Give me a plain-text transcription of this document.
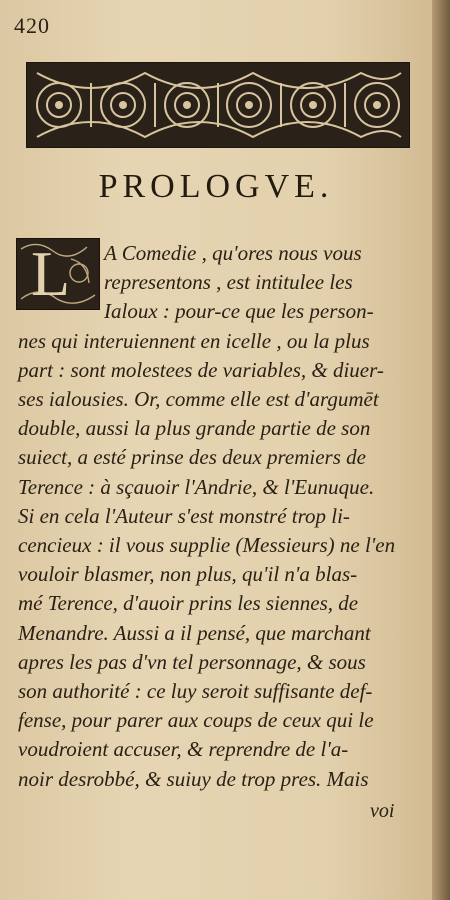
420
PROLOGVE.
L A Comedie , qu'ores nous vous
representons , est intitulee les
Ialoux : pour-ce que les person-
nes qui interuiennent en icelle , ou la plus
part : sont molestees de variables, & diuer-
ses ialousies. Or, comme elle est d'argumēt
double, aussi la plus grande partie de son
suiect, a esté prinse des deux premiers de
Terence : à sçauoir l'Andrie, & l'Eunuque.
Si en cela l'Auteur s'est monstré trop li-
cencieux : il vous supplie (Messieurs) ne l'en
vouloir blasmer, non plus, qu'il n'a blas-
mé Terence, d'auoir prins les siennes, de
Menandre. Aussi a il pensé, que marchant
apres les pas d'vn tel personnage, & sous
son authorité : ce luy seroit suffisante def-
fense, pour parer aux coups de ceux qui le
voudroient accuser, & reprendre de l'a-
noir desrobbé, & suiuy de trop pres. Mais
voi
